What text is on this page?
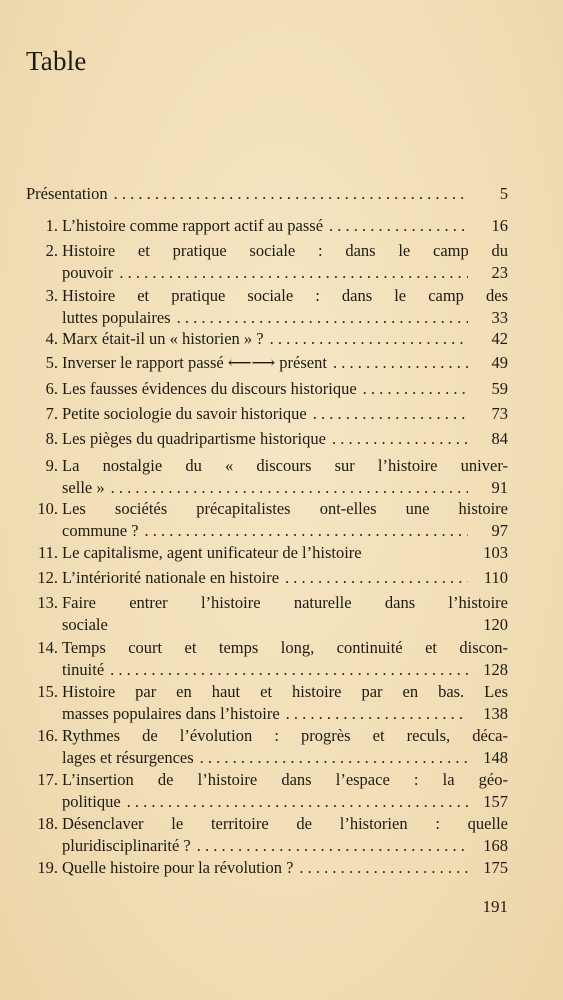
Table
Présentation . . .	5
1. L’histoire comme rapport actif au passé . . .	16
2. Histoire et pratique sociale : dans le camp du
pouvoir . . .	23
3. Histoire et pratique sociale : dans le camp des
luttes populaires . . .	33
4. Marx était-il un « historien » ? . . .	42
5. Inverser le rapport passé ⟵⟶ présent . . .	49
6. Les fausses évidences du discours historique . . .	59
7. Petite sociologie du savoir historique . . .	73
8. Les pièges du quadripartisme historique . . .	84
9. La nostalgie du « discours sur l’histoire univer-
selle » . . .	91
10. Les sociétés précapitalistes ont-elles une histoire
commune ? . . .	97
11. Le capitalisme, agent unificateur de l’histoire	103
12. L’intériorité nationale en histoire . . .	110
13. Faire entrer l’histoire naturelle dans l’histoire
sociale	120
14. Temps court et temps long, continuité et discon-
tinuité . . .	128
15. Histoire par en haut et histoire par en bas. Les
masses populaires dans l’histoire . . .	138
16. Rythmes de l’évolution : progrès et reculs, déca-
lages et résurgences . . .	148
17. L’insertion de l’histoire dans l’espace : la géo-
politique . . .	157
18. Désenclaver le territoire de l’historien : quelle
pluridisciplinarité ? . . .	168
19. Quelle histoire pour la révolution ? . . .	175
191
